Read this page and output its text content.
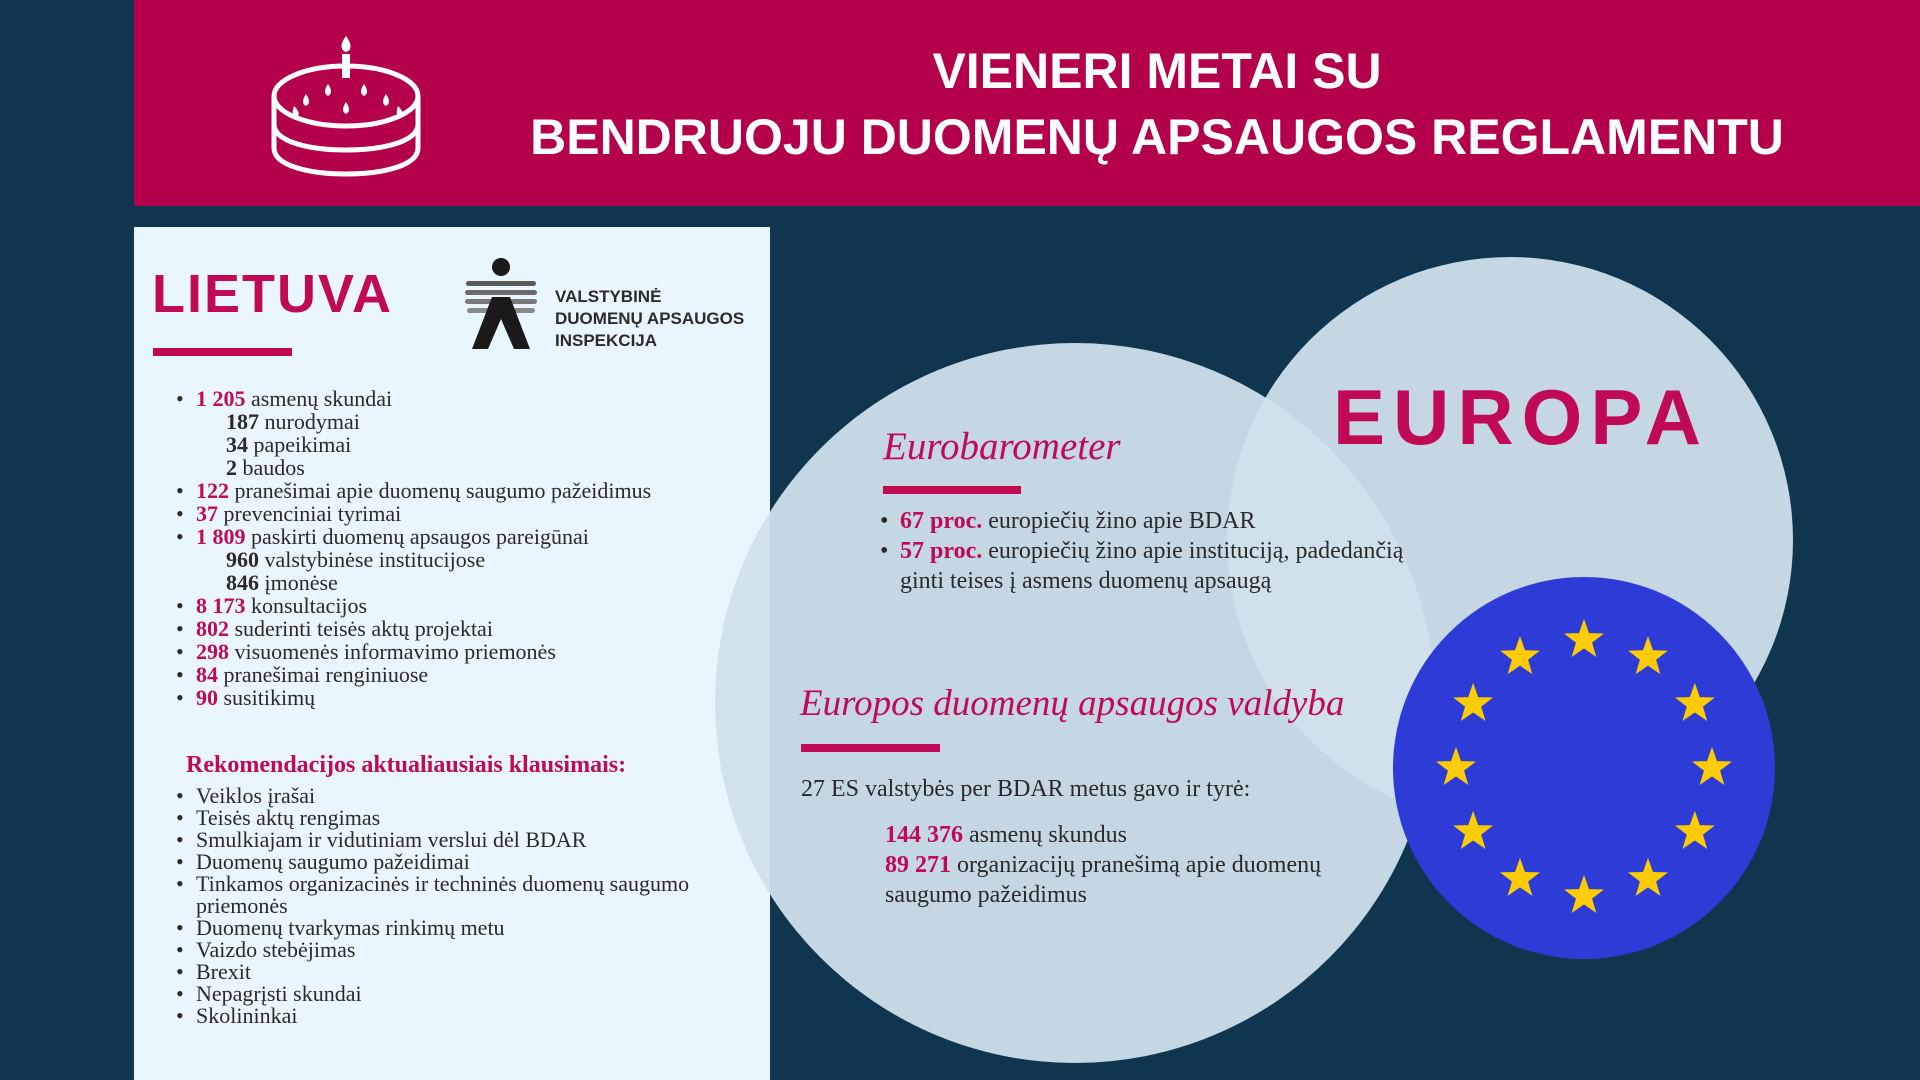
VIENERI METAI SU
BENDRUOJU DUOMENŲ APSAUGOS REGLAMENTU
LIETUVA	VALSTYBINĖ
DUOMENŲ APSAUGOS
INSPEKCIJA
• 1 205 asmenų skundai
187 nurodymai
34 papeikimai
2 baudos
• 122 pranešimai apie duomenų saugumo pažeidimus
• 37 prevenciniai tyrimai
• 1 809 paskirti duomenų apsaugos pareigūnai
960 valstybinėse institucijose
846 įmonėse
• 8 173 konsultacijos
• 802 suderinti teisės aktų projektai
• 298 visuomenės informavimo priemonės
• 84 pranešimai renginiuose
• 90 susitikimų
Rekomendacijos aktualiausiais klausimais:
• Veiklos įrašai
• Teisės aktų rengimas
• Smulkiajam ir vidutiniam verslui dėl BDAR
• Duomenų saugumo pažeidimai
• Tinkamos organizacinės ir techninės duomenų saugumo priemonės
• Duomenų tvarkymas rinkimų metu
• Vaizdo stebėjimas
• Brexit
• Nepagrįsti skundai
• Skolininkai
EUROPA
Eurobarometer
• 67 proc. europiečių žino apie BDAR
• 57 proc. europiečių žino apie instituciją, padedančią ginti teises į asmens duomenų apsaugą
Europos duomenų apsaugos valdyba
27 ES valstybės per BDAR metus gavo ir tyrė:
144 376 asmenų skundus
89 271 organizacijų pranešimą apie duomenų saugumo pažeidimus
